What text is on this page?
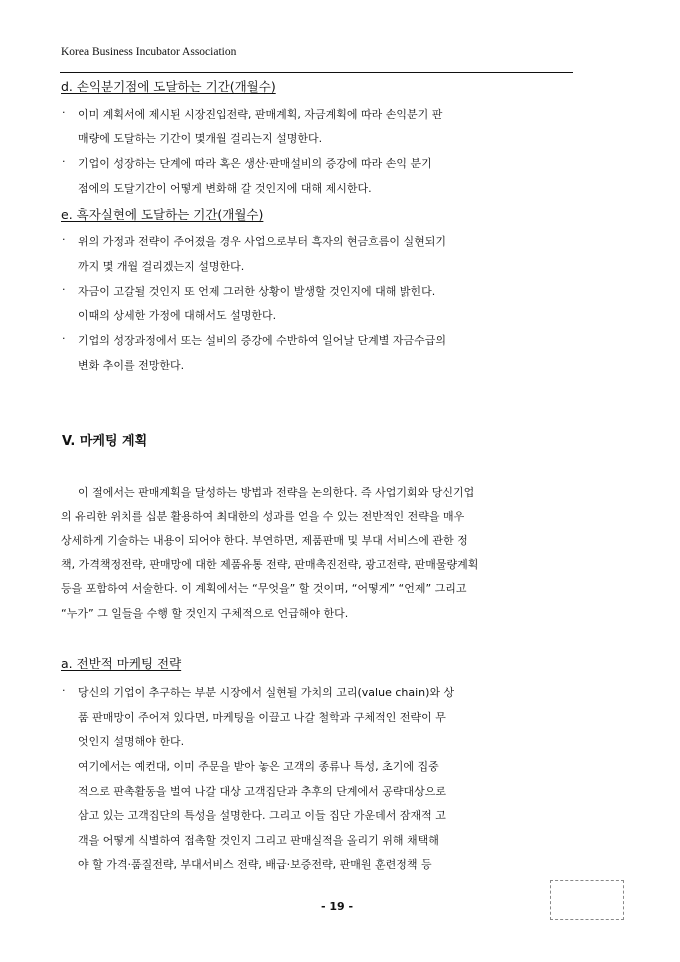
Korea Business Incubator Association
d. 손익분기점에 도달하는 기간(개월수)
· 이미 계획서에 제시된 시장진입전략, 판매계획, 자금계획에 따라 손익분기 판
매량에 도달하는 기간이 몇개월 걸리는지 설명한다.
· 기업이 성장하는 단계에 따라 혹은 생산·판매설비의 증강에 따라 손익 분기
점에의 도달기간이 어떻게 변화해 갈 것인지에 대해 제시한다.
e. 흑자실현에 도달하는 기간(개월수)
· 위의 가정과 전략이 주어졌을 경우 사업으로부터 흑자의 현금흐름이 실현되기
까지 몇 개월 걸리겠는지 설명한다.
· 자금이 고갈될 것인지 또 언제 그러한 상황이 발생할 것인지에 대해 밝힌다.
이때의 상세한 가정에 대해서도 설명한다.
· 기업의 성장과정에서 또는 설비의 증강에 수반하여 일어날 단계별 자금수급의
변화 추이를 전망한다.
V. 마케팅 계획
이 절에서는 판매계획을 달성하는 방법과 전략을 논의한다. 즉 사업기회와 당신기업
의 유리한 위치를 십분 활용하여 최대한의 성과를 얻을 수 있는 전반적인 전략을 매우
상세하게 기술하는 내용이 되어야 한다. 부연하면, 제품판매 및 부대 서비스에 관한 정
책, 가격책정전략, 판매망에 대한 제품유통 전략, 판매촉진전략, 광고전략, 판매물량계획
등을 포함하여 서술한다. 이 계획에서는 “무엇을” 할 것이며, “어떻게” “언제” 그리고
“누가” 그 일들을 수행 할 것인지 구체적으로 언급해야 한다.
a. 전반적 마케팅 전략
· 당신의 기업이 추구하는 부분 시장에서 실현될 가치의 고리(value chain)와 상
품 판매망이 주어져 있다면, 마케팅을 이끌고 나갈 철학과 구체적인 전략이 무
엇인지 설명해야 한다.
여기에서는 예컨대, 이미 주문을 받아 놓은 고객의 종류나 특성, 초기에 집중
적으로 판촉활동을 벌여 나갈 대상 고객집단과 추후의 단계에서 공략대상으로
삼고 있는 고객집단의 특성을 설명한다. 그리고 이들 집단 가운데서 잠재적 고
객을 어떻게 식별하여 접촉할 것인지 그리고 판매실적을 올리기 위해 채택해
야 할 가격·품질전략, 부대서비스 전략, 배급·보증전략, 판매원 훈련정책 등
- 19 -
